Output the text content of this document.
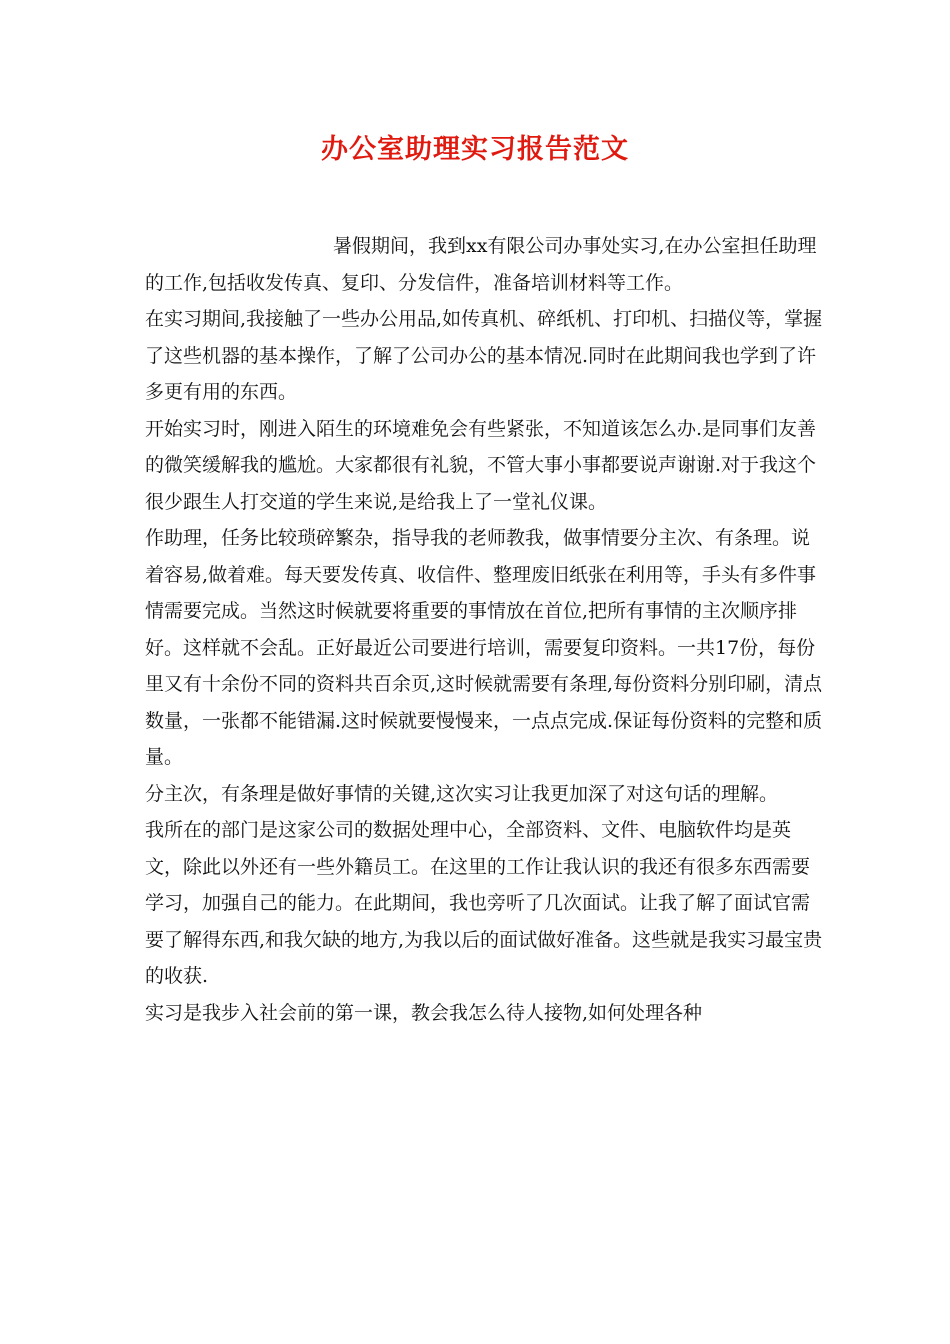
办公室助理实习报告范文

暑假期间，我到xx有限公司办事处实习,在办公室担任助理的工作,包括收发传真、复印、分发信件，准备培训材料等工作。

在实习期间,我接触了一些办公用品,如传真机、碎纸机、打印机、扫描仪等，掌握了这些机器的基本操作，了解了公司办公的基本情况.同时在此期间我也学到了许多更有用的东西。

开始实习时，刚进入陌生的环境难免会有些紧张，不知道该怎么办.是同事们友善的微笑缓解我的尴尬。大家都很有礼貌，不管大事小事都要说声谢谢.对于我这个很少跟生人打交道的学生来说,是给我上了一堂礼仪课。

作助理，任务比较琐碎繁杂，指导我的老师教我，做事情要分主次、有条理。说着容易,做着难。每天要发传真、收信件、整理废旧纸张在利用等，手头有多件事情需要完成。当然这时候就要将重要的事情放在首位,把所有事情的主次顺序排好。这样就不会乱。正好最近公司要进行培训，需要复印资料。一共17份，每份里又有十余份不同的资料共百余页,这时候就需要有条理,每份资料分别印刷，清点数量，一张都不能错漏.这时候就要慢慢来，一点点完成.保证每份资料的完整和质量。

分主次，有条理是做好事情的关键,这次实习让我更加深了对这句话的理解。

我所在的部门是这家公司的数据处理中心，全部资料、文件、电脑软件均是英文，除此以外还有一些外籍员工。在这里的工作让我认识的我还有很多东西需要学习，加强自己的能力。在此期间，我也旁听了几次面试。让我了解了面试官需要了解得东西,和我欠缺的地方,为我以后的面试做好准备。这些就是我实习最宝贵的收获.

实习是我步入社会前的第一课，教会我怎么待人接物,如何处理各种
